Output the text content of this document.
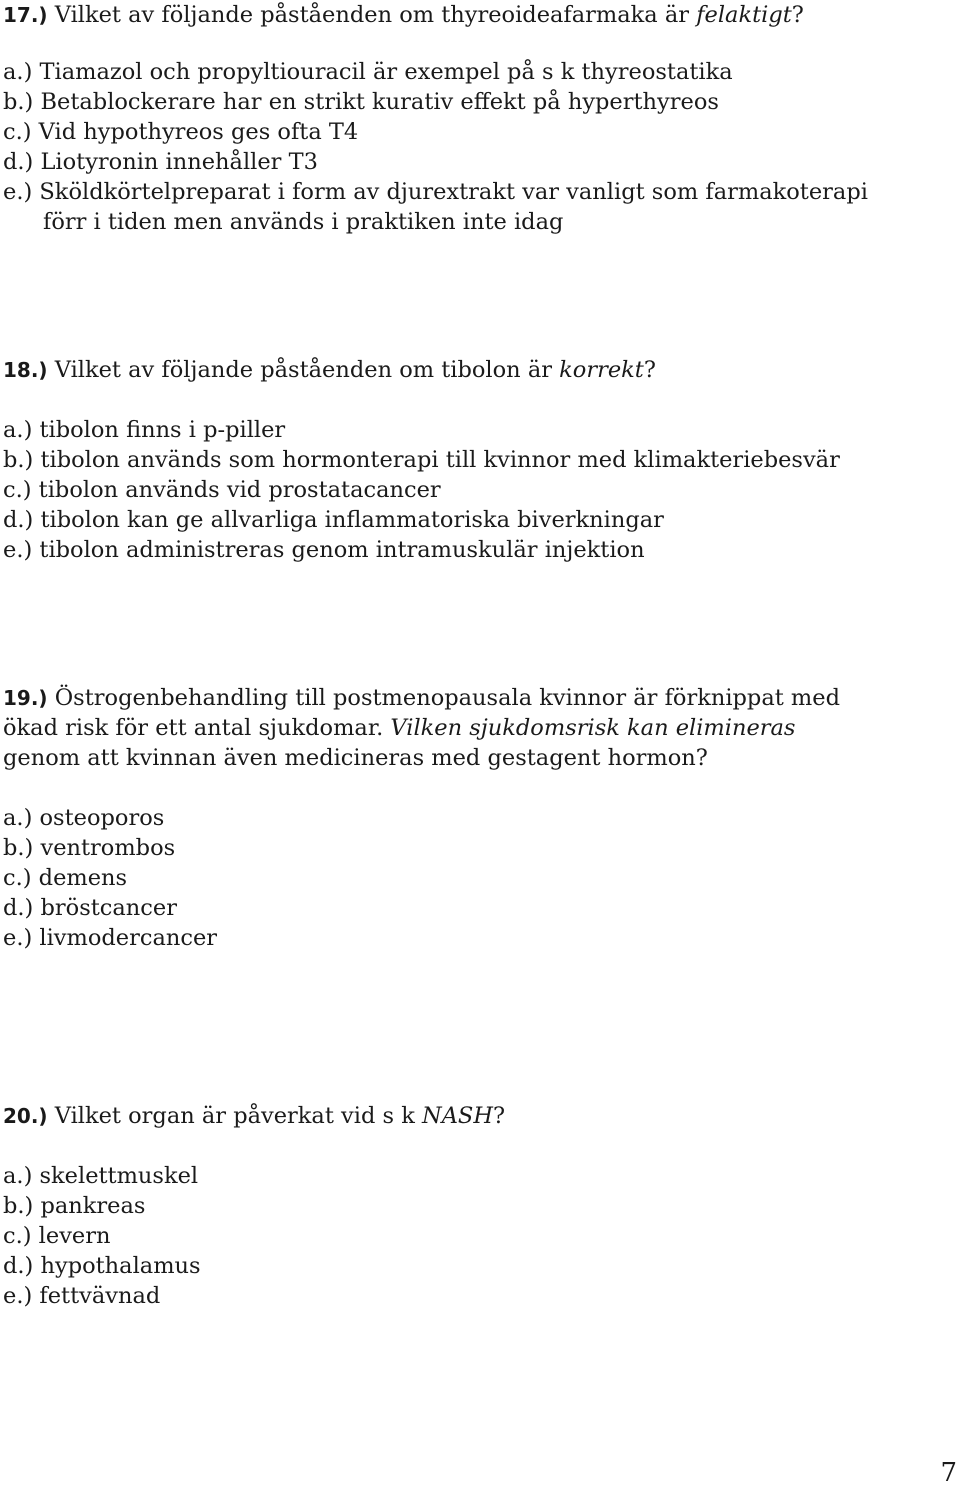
17.) Vilket av följande påståenden om thyreoideafarmaka är felaktigt?
a.) Tiamazol och propyltiouracil är exempel på s k thyreostatika
b.) Betablockerare har en strikt kurativ effekt på hyperthyreos
c.) Vid hypothyreos ges ofta T4
d.) Liotyronin innehåller T3
e.) Sköldkörtelpreparat i form av djurextrakt var vanligt som farmakoterapi
förr i tiden men används i praktiken inte idag
18.) Vilket av följande påståenden om tibolon är korrekt?
a.) tibolon finns i p-piller
b.) tibolon används som hormonterapi till kvinnor med klimakteriebesvär
c.) tibolon används vid prostatacancer
d.) tibolon kan ge allvarliga inflammatoriska biverkningar
e.) tibolon administreras genom intramuskulär injektion
19.) Östrogenbehandling till postmenopausala kvinnor är förknippat med
ökad risk för ett antal sjukdomar. Vilken sjukdomsrisk kan elimineras
genom att kvinnan även medicineras med gestagent hormon?
a.) osteoporos
b.) ventrombos
c.) demens
d.) bröstcancer
e.) livmodercancer
20.) Vilket organ är påverkat vid s k NASH?
a.) skelettmuskel
b.) pankreas
c.) levern
d.) hypothalamus
e.) fettvävnad
7
